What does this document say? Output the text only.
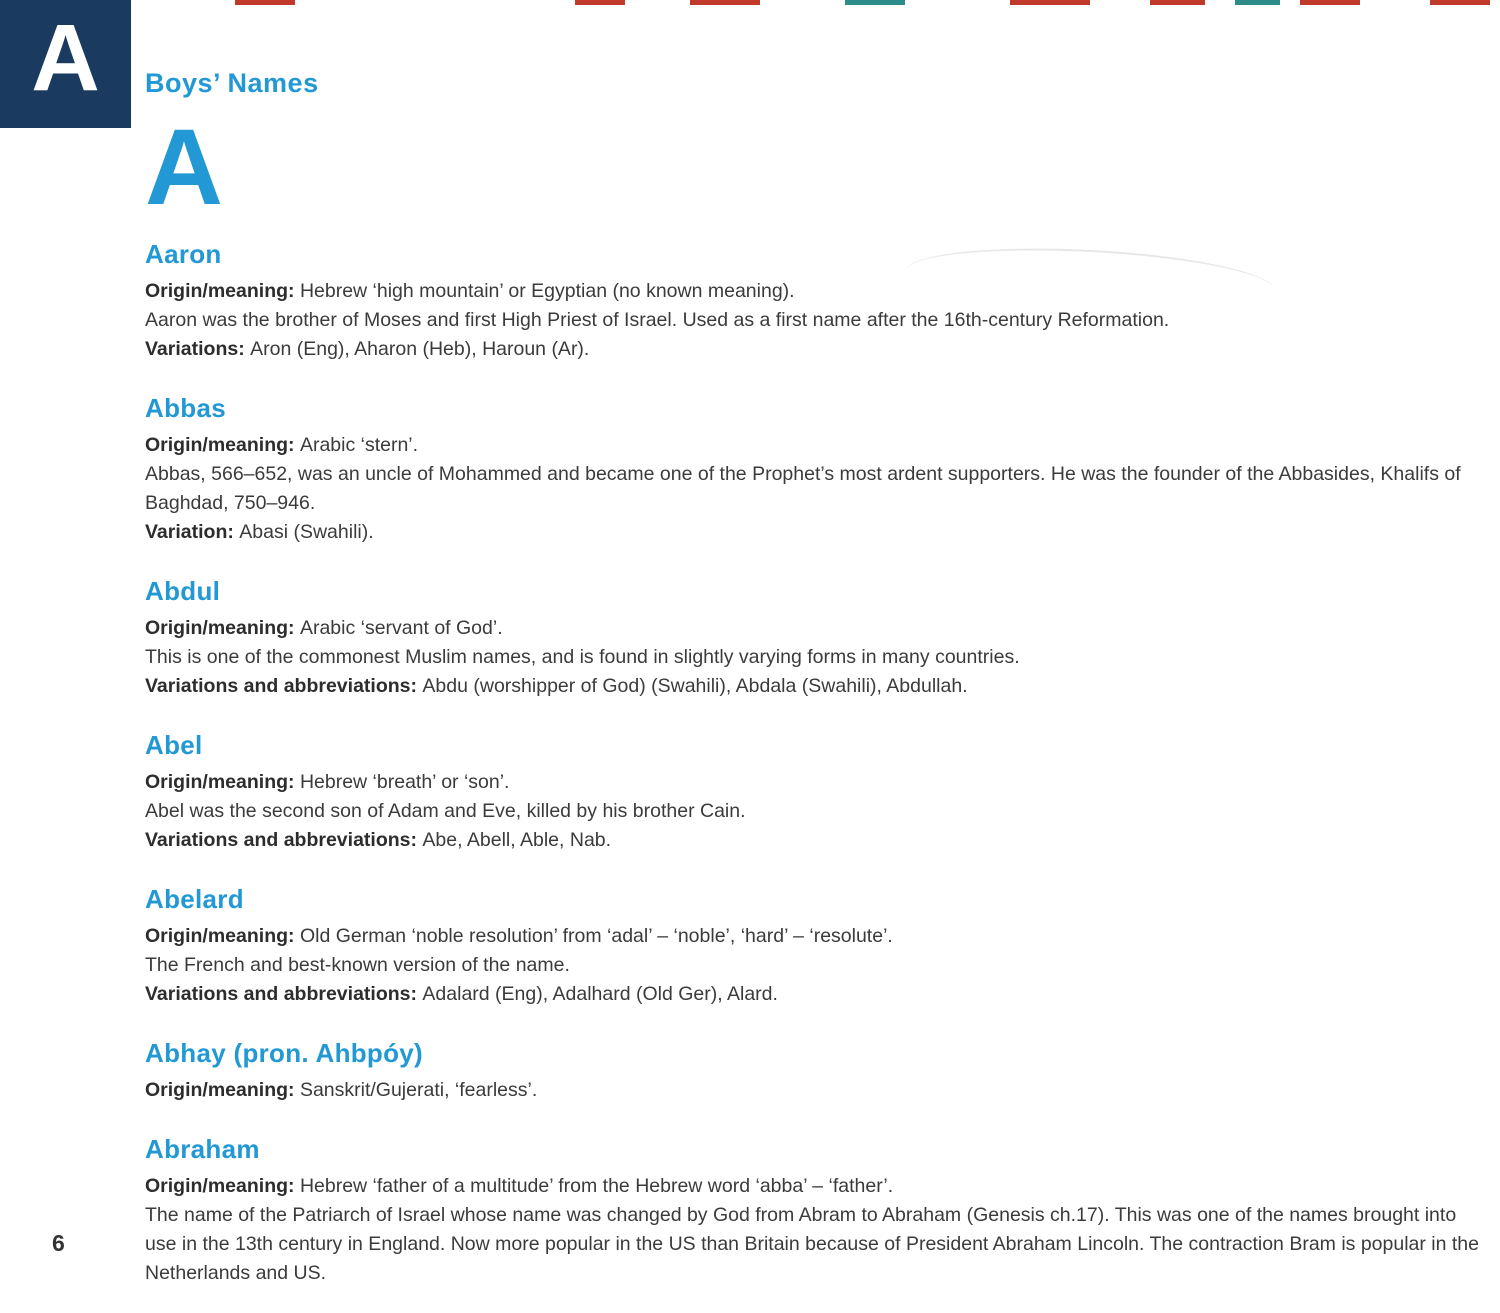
A Boys’ Names
A
Aaron

Origin/meaning: Hebrew ‘high mountain’ or Egyptian (no known meaning).

Aaron was the brother of Moses and first High Priest of Israel. Used as a first name after the 16th-century Reformation.

Variations: Aron (Eng), Aharon (Heb), Haroun (Ar).

Abbas

Origin/meaning: Arabic ‘stern’.

Abbas, 566–652, was an uncle of Mohammed and became one of the Prophet’s most ardent supporters. He was the founder of the Abbasides, Khalifs of Baghdad, 750–946.

Variation: Abasi (Swahili).

Abdul

Origin/meaning: Arabic ‘servant of God’.

This is one of the commonest Muslim names, and is found in slightly varying forms in many countries.

Variations and abbreviations: Abdu (worshipper of God) (Swahili), Abdala (Swahili), Abdullah.

Abel

Origin/meaning: Hebrew ‘breath’ or ‘son’.

Abel was the second son of Adam and Eve, killed by his brother Cain.

Variations and abbreviations: Abe, Abell, Able, Nab.

Abelard

Origin/meaning: Old German ‘noble resolution’ from ‘adal’ – ‘noble’, ‘hard’ – ‘resolute’.

The French and best-known version of the name.

Variations and abbreviations: Adalard (Eng), Adalhard (Old Ger), Alard.

Abhay (pron. Ahbpóy)

Origin/meaning: Sanskrit/Gujerati, ‘fearless’.

Abraham

Origin/meaning: Hebrew ‘father of a multitude’ from the Hebrew word ‘abba’ – ‘father’.

The name of the Patriarch of Israel whose name was changed by God from Abram to Abraham (Genesis ch.17). This was one of the names brought into use in the 13th century in England. Now more popular in the US than Britain because of President Abraham Lincoln. The contraction Bram is popular in the Netherlands and US.

6
